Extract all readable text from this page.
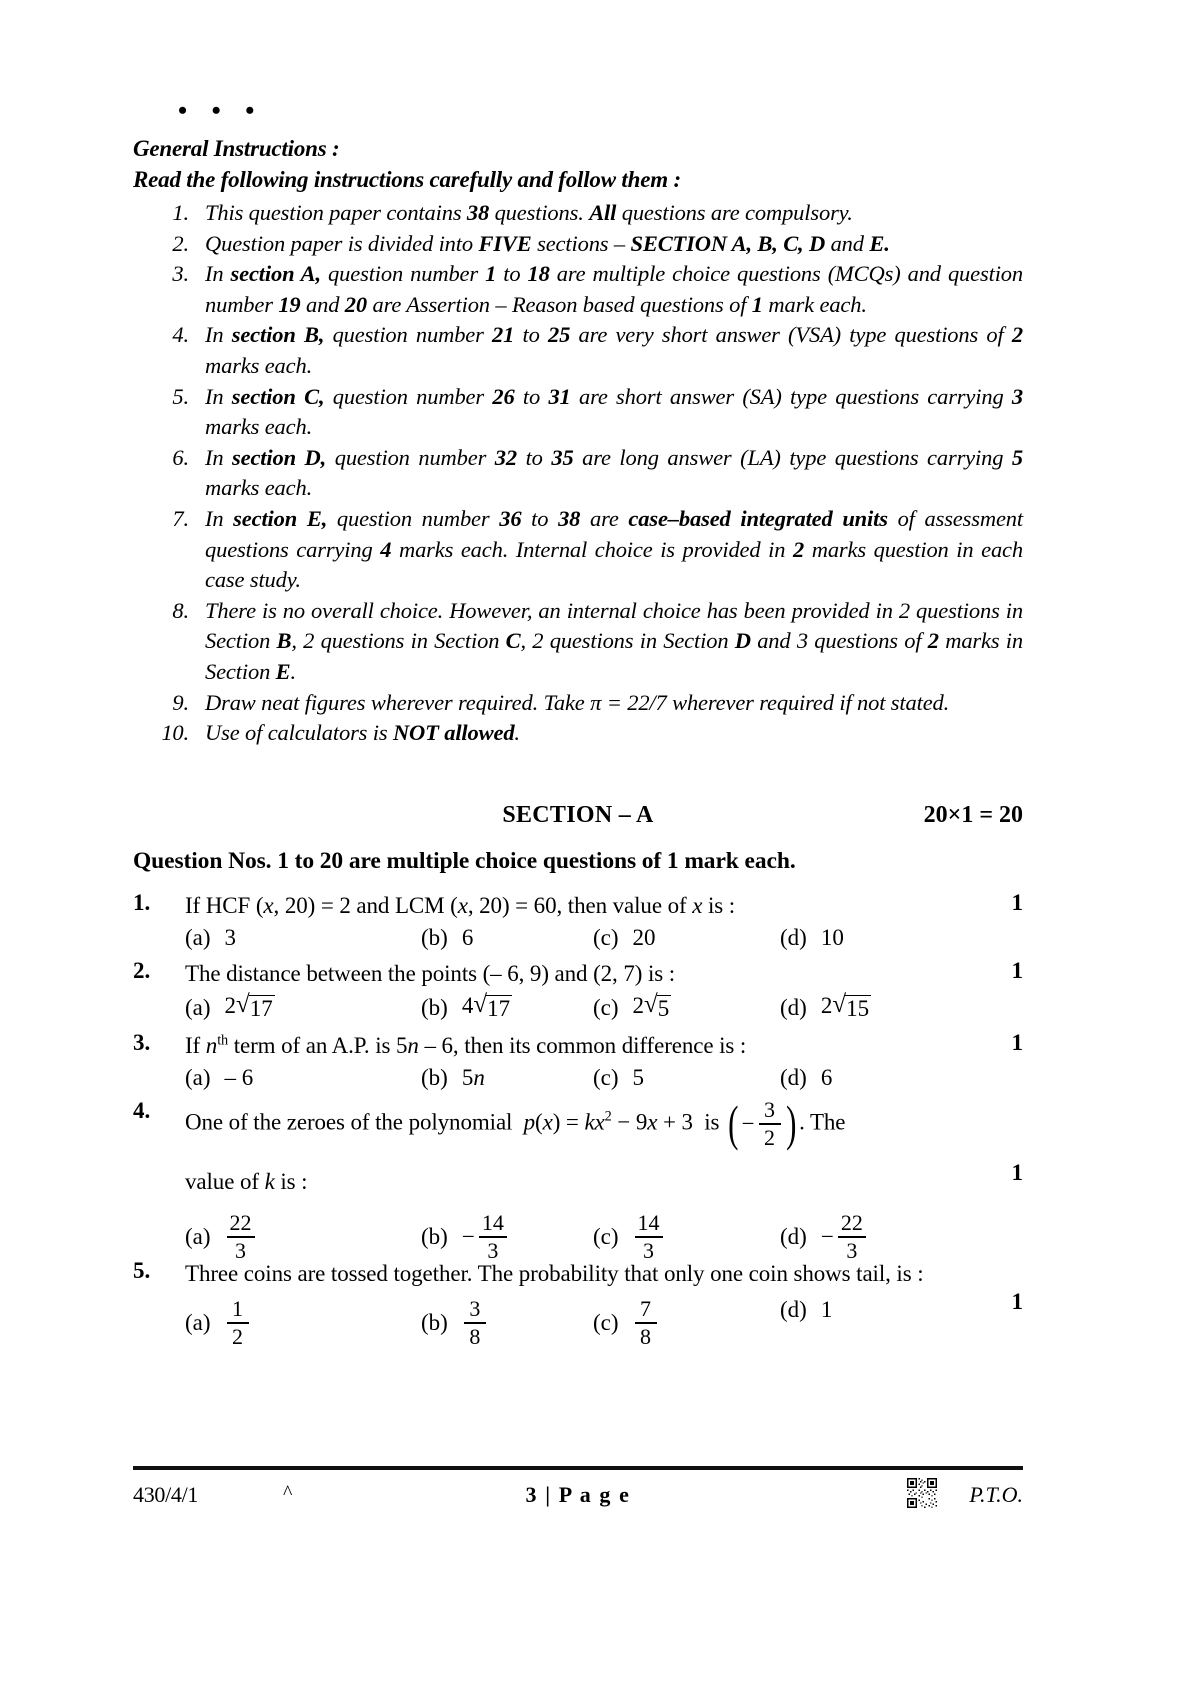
• • •
General Instructions :
Read the following instructions carefully and follow them :
1. This question paper contains 38 questions. All questions are compulsory.
2. Question paper is divided into FIVE sections – SECTION A, B, C, D and E.
3. In section A, question number 1 to 18 are multiple choice questions (MCQs) and question number 19 and 20 are Assertion – Reason based questions of 1 mark each.
4. In section B, question number 21 to 25 are very short answer (VSA) type questions of 2 marks each.
5. In section C, question number 26 to 31 are short answer (SA) type questions carrying 3 marks each.
6. In section D, question number 32 to 35 are long answer (LA) type questions carrying 5 marks each.
7. In section E, question number 36 to 38 are case–based integrated units of assessment questions carrying 4 marks each. Internal choice is provided in 2 marks question in each case study.
8. There is no overall choice. However, an internal choice has been provided in 2 questions in Section B, 2 questions in Section C, 2 questions in Section D and 3 questions of 2 marks in Section E.
9. Draw neat figures wherever required. Take π = 22/7 wherever required if not stated.
10. Use of calculators is NOT allowed.
SECTION – A	20×1 = 20
Question Nos. 1 to 20 are multiple choice questions of 1 mark each.
1.	If HCF (x, 20) = 2 and LCM (x, 20) = 60, then value of x is :
(a) 3	(b) 6	(c) 20	(d) 10
1
2.	The distance between the points (– 6, 9) and (2, 7) is :
(a) 2 √ 17	(b) 4 √ 17	(c) 2 √ 5	(d) 2 √ 15
1
3.	If $n^{th}$ term of an A.P. is 5n – 6, then its common difference is :
(a) – 6	(b) 5n	(c) 5	(d) 6
1
4.	One of the zeroes of the polynomial  $p(x) = kx^2 - 9x + 3$  is ( − $\frac{3}{2}$ ) . The
value of k is :
$(a) \frac{22}{3}$	$(b) - \frac{14}{3}$	$(c) \frac{14}{3}$	$(d) - \frac{22}{3}$
1
5.	Three coins are tossed together. The probability that only one coin shows tail, is :
$(a) \frac{1}{2}$	$(b) \frac{3}{8}$	$(c) \frac{7}{8}$	(d) 1	1
430/4/1	^	3 | P a g e	P.T.O.
